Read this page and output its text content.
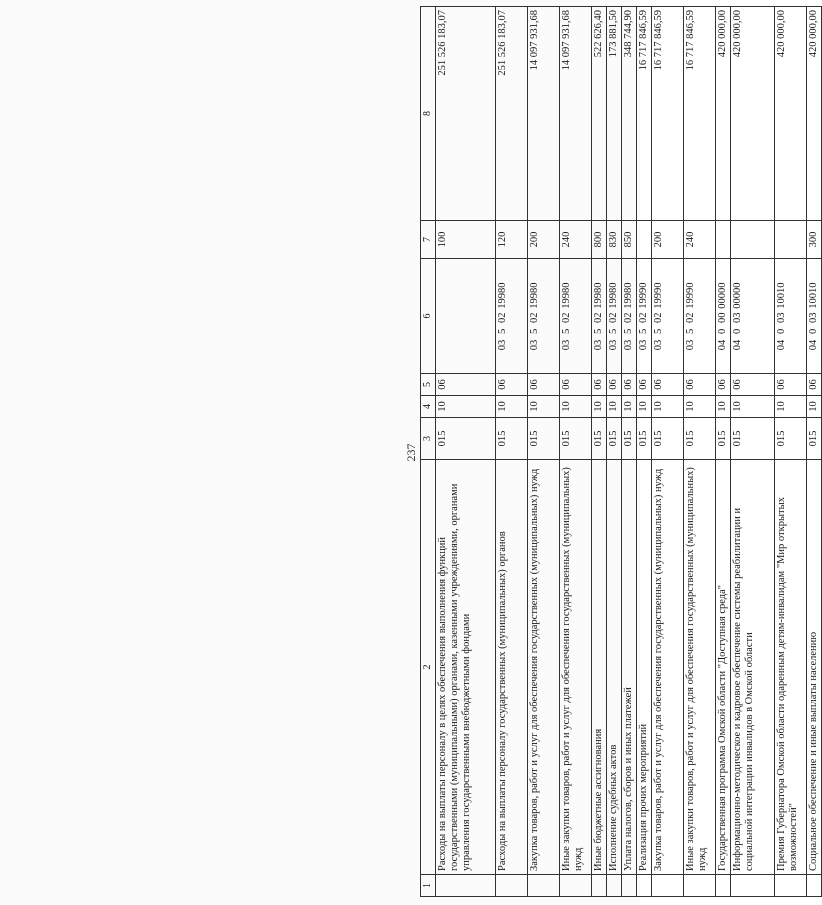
237
1	2	3	4	5	6	7	8
	Расходы на выплаты персоналу в целях обеспечения выполнения функций государственными (муниципальными) органами, казенными учреждениями, органами управления государственными внебюджетными фондами	015	10	06		100	251 526 183,07
	Расходы на выплаты персоналу государственных (муниципальных) органов	015	10	06	03 5 02 19980	120	251 526 183,07
	Закупка товаров, работ и услуг для обеспечения государственных (муниципальных) нужд	015	10	06	03 5 02 19980	200	14 097 931,68
	Иные закупки товаров, работ и услуг для обеспечения государственных (муниципальных) нужд	015	10	06	03 5 02 19980	240	14 097 931,68
	Иные бюджетные ассигнования	015	10	06	03 5 02 19980	800	522 626,40
	Исполнение судебных актов	015	10	06	03 5 02 19980	830	173 881,50
	Уплата налогов, сборов и иных платежей	015	10	06	03 5 02 19980	850	348 744,90
	Реализация прочих мероприятий	015	10	06	03 5 02 19990		16 717 846,59
	Закупка товаров, работ и услуг для обеспечения государственных (муниципальных) нужд	015	10	06	03 5 02 19990	200	16 717 846,59
	Иные закупки товаров, работ и услуг для обеспечения государственных (муниципальных) нужд	015	10	06	03 5 02 19990	240	16 717 846,59
	Государственная программа Омской области "Доступная среда"	015	10	06	04 0 00 00000		420 000,00
	Информационно-методическое и кадровое обеспечение системы реабилитации и социальной интеграции инвалидов в Омской области	015	10	06	04 0 03 00000		420 000,00
	Премия Губернатора Омской области одаренным детям-инвалидам "Мир открытых возможностей"	015	10	06	04 0 03 10010		420 000,00
	Социальное обеспечение и иные выплаты населению	015	10	06	04 0 03 10010	300	420 000,00
